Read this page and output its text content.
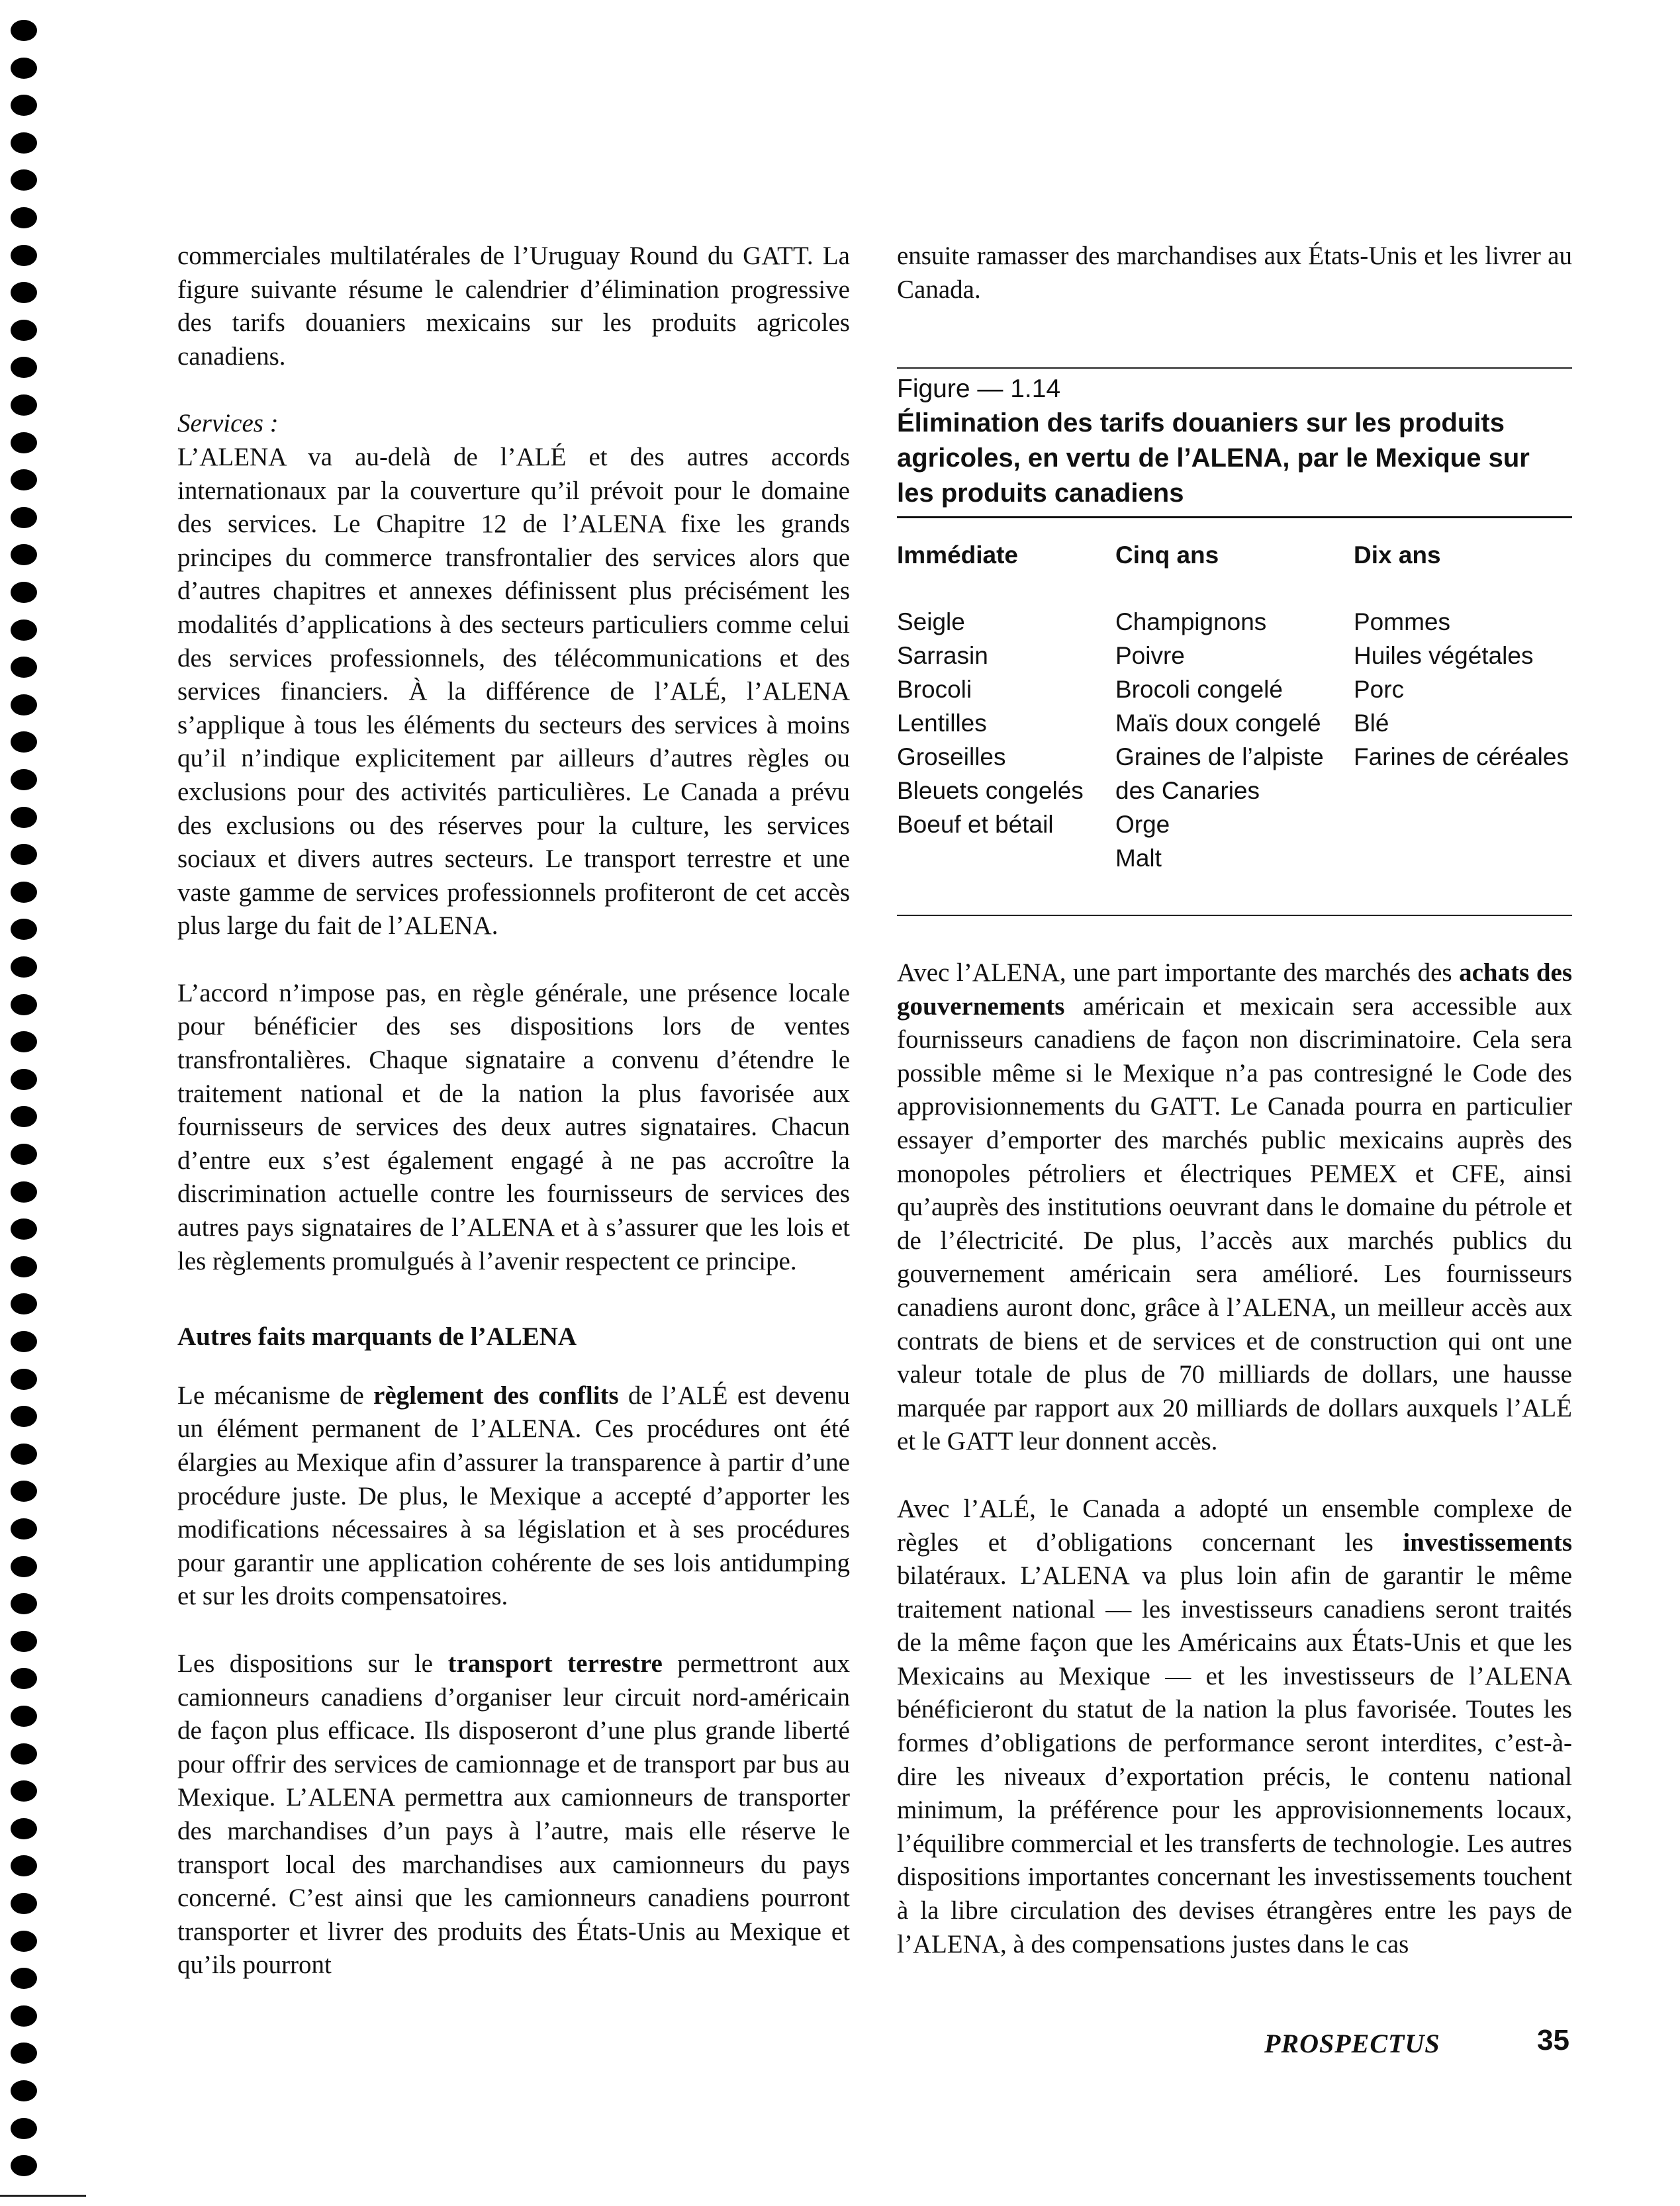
commerciales multilatérales de l’Uruguay Round du GATT. La figure suivante résume le calendrier d’élimination progressive des tarifs douaniers mexicains sur les produits agricoles canadiens.

Services :

L’ALENA va au-delà de l’ALÉ et des autres accords internationaux par la couverture qu’il prévoit pour le domaine des services. Le Chapitre 12 de l’ALENA fixe les grands principes du commerce transfrontalier des services alors que d’autres chapitres et annexes définissent plus précisément les modalités d’applications à des secteurs particuliers comme celui des services professionnels, des télécommunications et des services financiers. À la différence de l’ALÉ, l’ALENA s’applique à tous les éléments du secteurs des services à moins qu’il n’indique explicitement par ailleurs d’autres règles ou exclusions pour des activités particulières. Le Canada a prévu des exclusions ou des réserves pour la culture, les services sociaux et divers autres secteurs. Le transport terrestre et une vaste gamme de services professionnels profiteront de cet accès plus large du fait de l’ALENA.

L’accord n’impose pas, en règle générale, une présence locale pour bénéficier des ses dispositions lors de ventes transfrontalières. Chaque signataire a convenu d’étendre le traitement national et de la nation la plus favorisée aux fournisseurs de services des deux autres signataires. Chacun d’entre eux s’est également engagé à ne pas accroître la discrimination actuelle contre les fournisseurs de services des autres pays signataires de l’ALENA et à s’assurer que les lois et les règlements promulgués à l’avenir respectent ce principe.

Autres faits marquants de l’ALENA

Le mécanisme de règlement des conflits de l’ALÉ est devenu un élément permanent de l’ALENA. Ces procédures ont été élargies au Mexique afin d’assurer la transparence à partir d’une procédure juste. De plus, le Mexique a accepté d’apporter les modifications nécessaires à sa législation et à ses procédures pour garantir une application cohérente de ses lois antidumping et sur les droits compensatoires.

Les dispositions sur le transport terrestre permettront aux camionneurs canadiens d’organiser leur circuit nord-américain de façon plus efficace. Ils disposeront d’une plus grande liberté pour offrir des services de camionnage et de transport par bus au Mexique. L’ALENA permettra aux camionneurs de transporter des marchandises d’un pays à l’autre, mais elle réserve le transport local des marchandises aux camionneurs du pays concerné. C’est ainsi que les camionneurs canadiens pourront transporter et livrer des produits des États-Unis au Mexique et qu’ils pourront

ensuite ramasser des marchandises aux États-Unis et les livrer au Canada.

Figure — 1.14
Élimination des tarifs douaniers sur les produits agricoles, en vertu de l’ALENA, par le Mexique sur les produits canadiens
Immédiate
Seigle
Sarrasin
Brocoli
Lentilles
Groseilles
Bleuets congelés
Boeuf et bétail
Cinq ans
Champignons
Poivre
Brocoli congelé
Maïs doux congelé
Graines de l’alpiste
des Canaries
Orge
Malt
Dix ans
Pommes
Huiles végétales
Porc
Blé
Farines de céréales

Avec l’ALENA, une part importante des marchés des achats des gouvernements américain et mexicain sera accessible aux fournisseurs canadiens de façon non discriminatoire. Cela sera possible même si le Mexique n’a pas contresigné le Code des approvisionnements du GATT. Le Canada pourra en particulier essayer d’emporter des marchés public mexicains auprès des monopoles pétroliers et électriques PEMEX et CFE, ainsi qu’auprès des institutions oeuvrant dans le domaine du pétrole et de l’électricité. De plus, l’accès aux marchés publics du gouvernement américain sera amélioré. Les fournisseurs canadiens auront donc, grâce à l’ALENA, un meilleur accès aux contrats de biens et de services et de construction qui ont une valeur totale de plus de 70 milliards de dollars, une hausse marquée par rapport aux 20 milliards de dollars auxquels l’ALÉ et le GATT leur donnent accès.

Avec l’ALÉ, le Canada a adopté un ensemble complexe de règles et d’obligations concernant les investissements bilatéraux. L’ALENA va plus loin afin de garantir le même traitement national — les investisseurs canadiens seront traités de la même façon que les Américains aux États-Unis et que les Mexicains au Mexique — et les investisseurs de l’ALENA bénéficieront du statut de la nation la plus favorisée. Toutes les formes d’obligations de performance seront interdites, c’est-à-dire les niveaux d’exportation précis, le contenu national minimum, la préférence pour les approvisionnements locaux, l’équilibre commercial et les transferts de technologie. Les autres dispositions importantes concernant les investissements touchent à la libre circulation des devises étrangères entre les pays de l’ALENA, à des compensations justes dans le cas

PROSPECTUS	35
